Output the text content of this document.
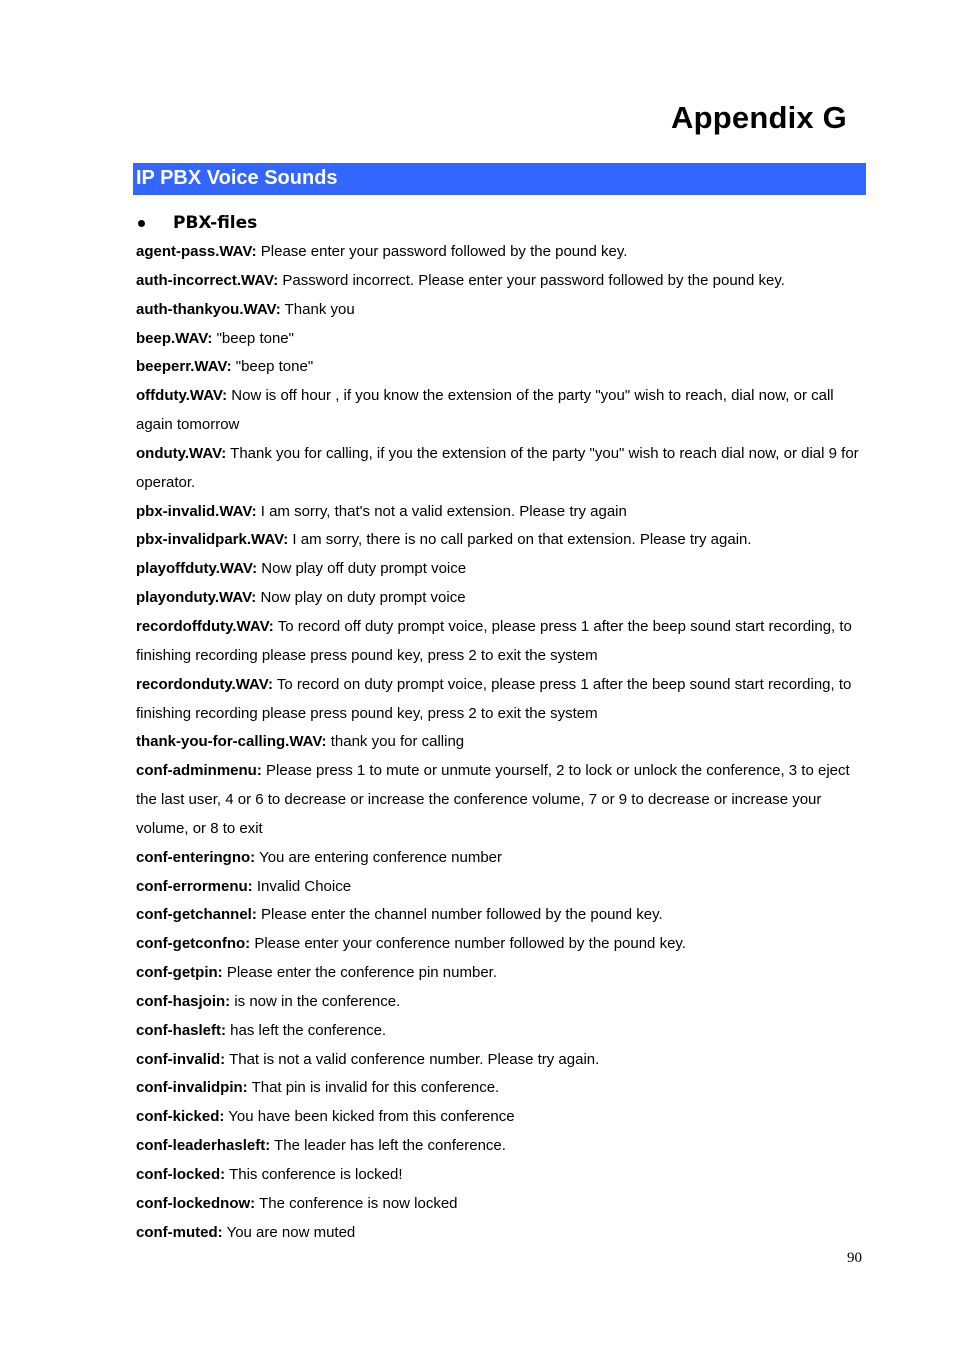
Appendix G
IP PBX Voice Sounds
PBX-files
agent-pass.WAV: Please enter your password followed by the pound key.
auth-incorrect.WAV: Password incorrect. Please enter your password followed by the pound key.
auth-thankyou.WAV: Thank you
beep.WAV: "beep tone"
beeperr.WAV: "beep tone"
offduty.WAV: Now is off hour , if you know the extension of the party "you" wish to reach, dial now, or call again tomorrow
onduty.WAV: Thank you for calling, if you the extension of the party "you" wish to reach dial now, or dial 9 for operator.
pbx-invalid.WAV: I am sorry, that's not a valid extension. Please try again
pbx-invalidpark.WAV: I am sorry, there is no call parked on that extension. Please try again.
playoffduty.WAV: Now play off duty prompt voice
playonduty.WAV: Now play on duty prompt voice
recordoffduty.WAV: To record off duty prompt voice, please press 1 after the beep sound start recording, to finishing recording please press pound key, press 2 to exit the system
recordonduty.WAV: To record on duty prompt voice, please press 1 after the beep sound start recording, to finishing recording please press pound key, press 2 to exit the system
thank-you-for-calling.WAV: thank you for calling
conf-adminmenu: Please press 1 to mute or unmute yourself, 2 to lock or unlock the conference, 3 to eject the last user, 4 or 6 to decrease or increase the conference volume, 7 or 9 to decrease or increase your volume, or 8 to exit
conf-enteringno: You are entering conference number
conf-errormenu: Invalid Choice
conf-getchannel: Please enter the channel number followed by the pound key.
conf-getconfno: Please enter your conference number followed by the pound key.
conf-getpin: Please enter the conference pin number.
conf-hasjoin: is now in the conference.
conf-hasleft: has left the conference.
conf-invalid: That is not a valid conference number. Please try again.
conf-invalidpin: That pin is invalid for this conference.
conf-kicked: You have been kicked from this conference
conf-leaderhasleft: The leader has left the conference.
conf-locked: This conference is locked!
conf-lockednow: The conference is now locked
conf-muted: You are now muted
90
